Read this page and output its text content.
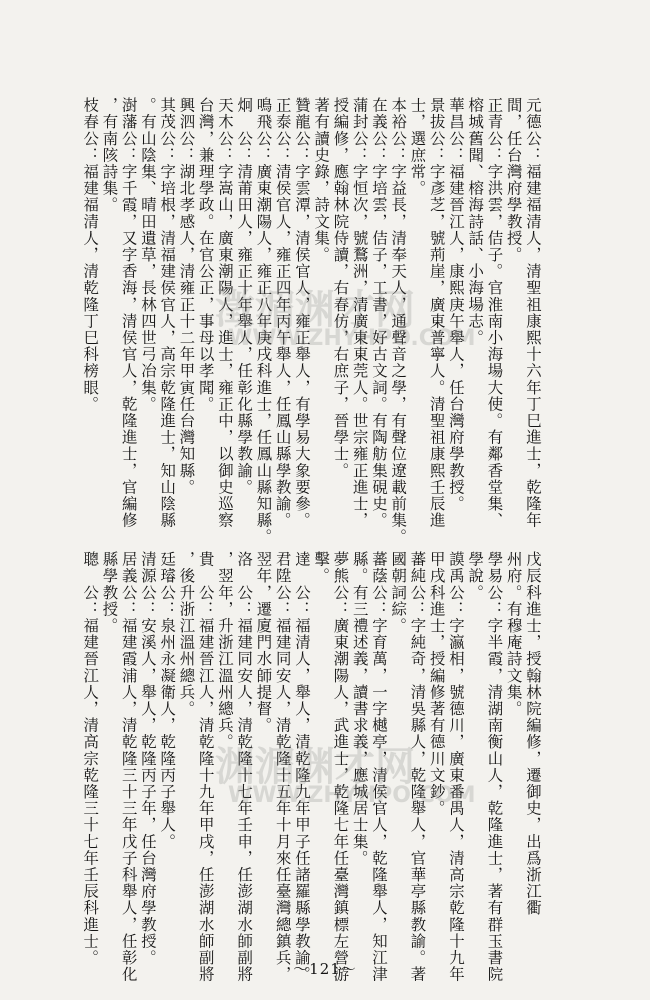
元德公：福建福清人，清聖祖康熙十六年丁巳進士，乾隆年
間，任台灣府學教授。
正青公：字洪雲，佶子。官淮南小海場大使。有鄰香堂集、
榕城舊聞、榕海詩話、小海場志。
華昌公：福建晉江人，康熙庚午舉人，任台灣府學教授。
景拔公：字彥芝，號荊崖，廣東普寧人。清聖祖康熙壬辰進
士，選庶常。
本裕公：字益長，清奉天人，通聲音之學，有聲位遼載前集。
在義公：字培雲，佶子，工書，好古文詞。有陶舫集硯史。
蒲封公：字恒次，號鶩洲，清廣東東莞人。世宗雍正進士，
授編修，應翰林院侍讀，右春仿，右庶子，晉學士。
著有讀史錄，詩文集。
贊龍公：字雲潭，清侯官人，雍正舉人，有學易大象要參。
正泰公：清侯官人，雍正四年丙午舉人，任鳳山縣學教諭。
鳴飛公：廣東潮陽人，雍正八年庚戌科進士，任鳳山縣知縣。
炯　公：清莆田人，雍正十年舉人，任彰化縣學教諭。
天木公：字嵩山，廣東潮陽人，進士，雍正中，以御史巡察
台灣，兼理學政。在官公正，事母以孝聞。
興泗公：湖北孝感人，清雍正十二年甲寅任台灣知縣。
其茂公：字培根，清福建侯官人，高宗乾隆進士，知山陰縣
。有山陰集、晴田遺草，長林四世弓冶集。
澍藩公：字千霞，又字香海，清侯官人，乾隆進士，官編修
，有南陔詩集。
枝春公：福建福清人，清乾隆丁巳科榜眼。
戊辰科進士，授翰林院編修，遷御史，出爲浙江衢
州府。有穆庵詩文集。
學易公：字半霞，清湖南衡山人，乾隆進士，著有群玉書院
學說。
謨禹公：字瀛相，號德川，廣東番禺人，清高宗乾隆十九年
甲戌科進士，授編修著有德川文鈔。
蕃純公：字純奇，清吳縣人，乾隆舉人，官華亭縣教諭。著
國朝詞綜。
蕃蔭公：字育萬，一字樾亭，清侯官人，乾隆舉人，知江津
縣。有三禮述義，讀書求義，應城居士集。
夢熊公：廣東潮陽人，武進士，乾隆七年任臺灣鎮標左營游
擊。
達　公：福清人，舉人，清乾隆九年甲子任諸羅縣學教諭。
君陞公：福建同安人，清乾隆十五年十月來任臺灣總鎮兵，
翌年，遷廈門水師提督。
洛　公：福建同安人，清乾隆十七年壬申，任澎湖水師副將
，翌年，升浙江溫州總兵。
貴　公：福建晉江人，清乾隆十九年甲戌，任澎湖水師副將
，後升浙江溫州總兵。
廷璿公：泉州永凝衛人，乾隆丙子舉人。
清源公：安溪人，舉人，乾隆丙子年，任台灣府學教授。
居義公：福建霞浦人，清乾隆三十三年戊子科舉人，任彰化
縣學教授。
聰　公：福建晉江人，清高宗乾隆三十七年壬辰科進士。
澂湄渊才网
WWW.ZHYHPO.COM
渊湄渊才网
WWW.ZHYHPO.COM
～121～
